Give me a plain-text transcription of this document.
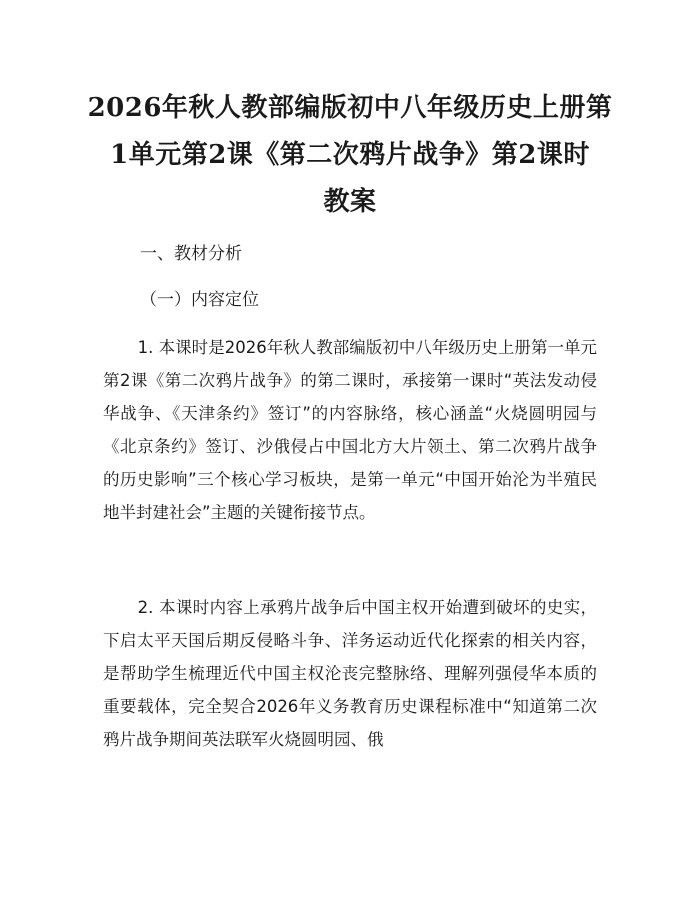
2026年秋人教部编版初中八年级历史上册第
1单元第2课《第二次鸦片战争》第2课时
教案

一、教材分析

（一）内容定位

1. 本课时是2026年秋人教部编版初中八年级历史上册第一单元第2课《第二次鸦片战争》的第二课时，承接第一课时“英法发动侵华战争、《天津条约》签订”的内容脉络，核心涵盖“火烧圆明园与《北京条约》签订、沙俄侵占中国北方大片领土、第二次鸦片战争的历史影响”三个核心学习板块，是第一单元“中国开始沦为半殖民地半封建社会”主题的关键衔接节点。

2. 本课时内容上承鸦片战争后中国主权开始遭到破坏的史实，下启太平天国后期反侵略斗争、洋务运动近代化探索的相关内容，是帮助学生梳理近代中国主权沦丧完整脉络、理解列强侵华本质的重要载体，完全契合2026年义务教育历史课程标准中“知道第二次鸦片战争期间英法联军火烧圆明园、俄
